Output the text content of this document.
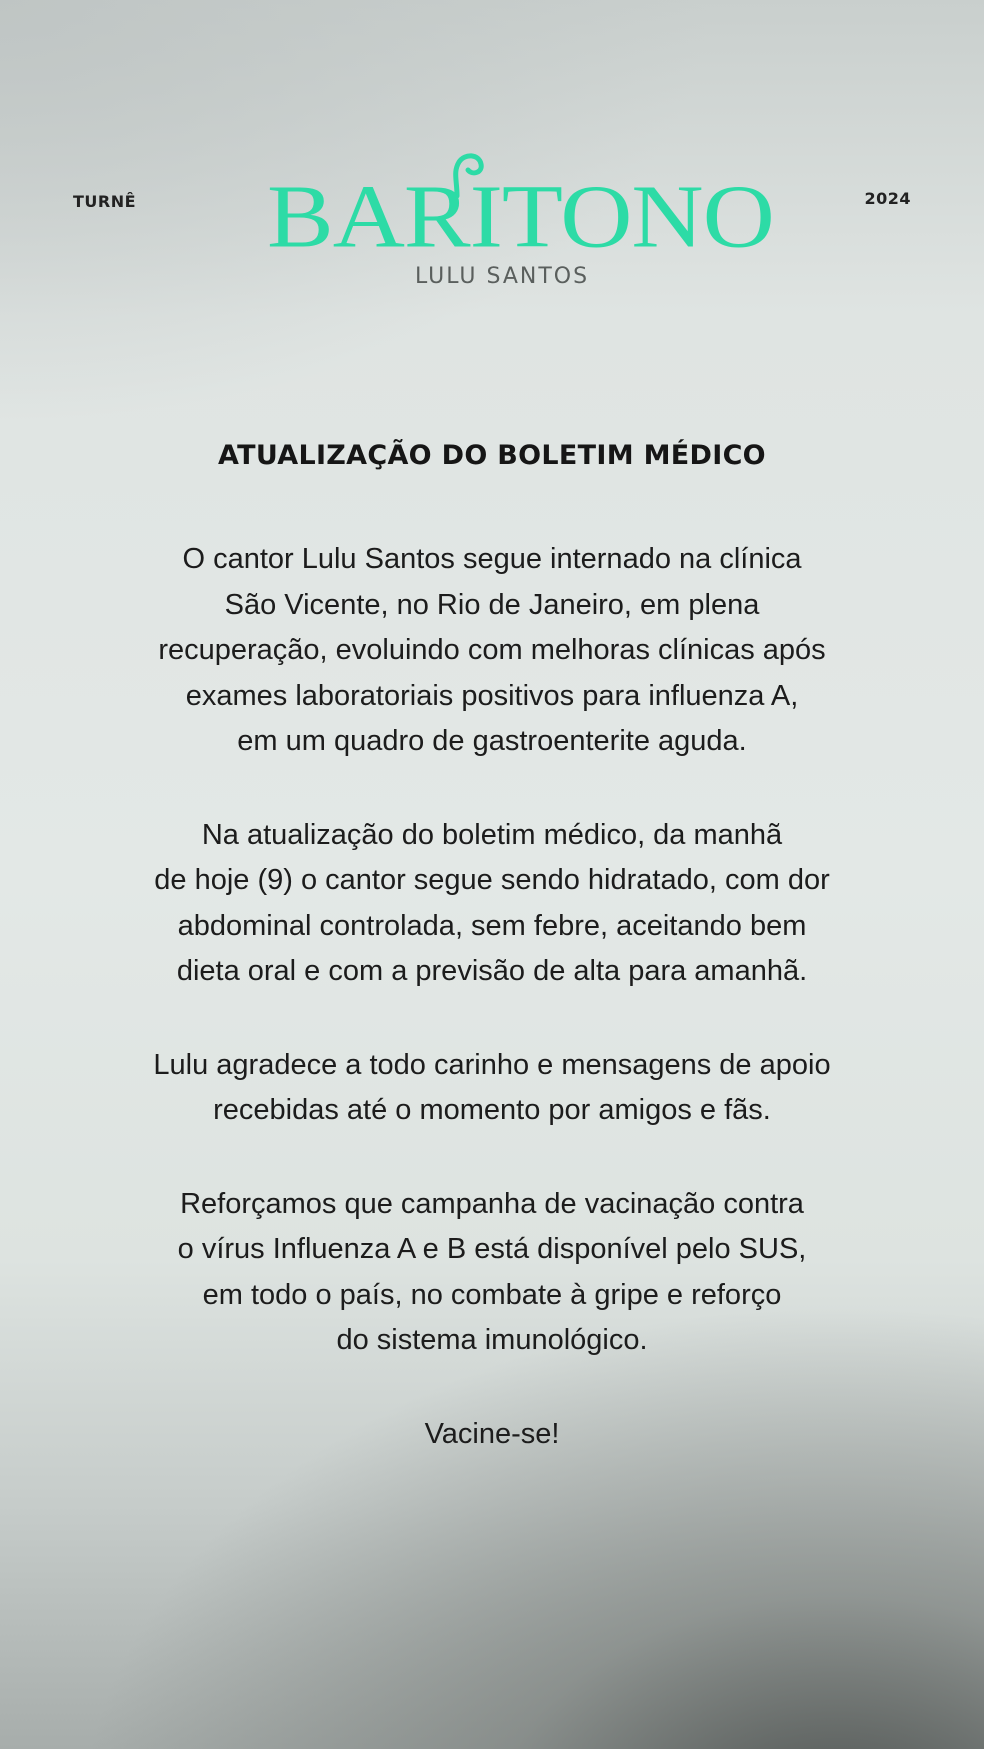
TURNÊ BARITONO
LULU SANTOS
2024
ATUALIZAÇÃO DO BOLETIM MÉDICO

O cantor Lulu Santos segue internado na clínica
São Vicente, no Rio de Janeiro, em plena
recuperação, evoluindo com melhoras clínicas após
exames laboratoriais positivos para influenza A,
em um quadro de gastroenterite aguda.

Na atualização do boletim médico, da manhã
de hoje (9) o cantor segue sendo hidratado, com dor
abdominal controlada, sem febre, aceitando bem
dieta oral e com a previsão de alta para amanhã.

Lulu agradece a todo carinho e mensagens de apoio
recebidas até o momento por amigos e fãs.

Reforçamos que campanha de vacinação contra
o vírus Influenza A e B está disponível pelo SUS,
em todo o país, no combate à gripe e reforço
do sistema imunológico.

Vacine-se!
